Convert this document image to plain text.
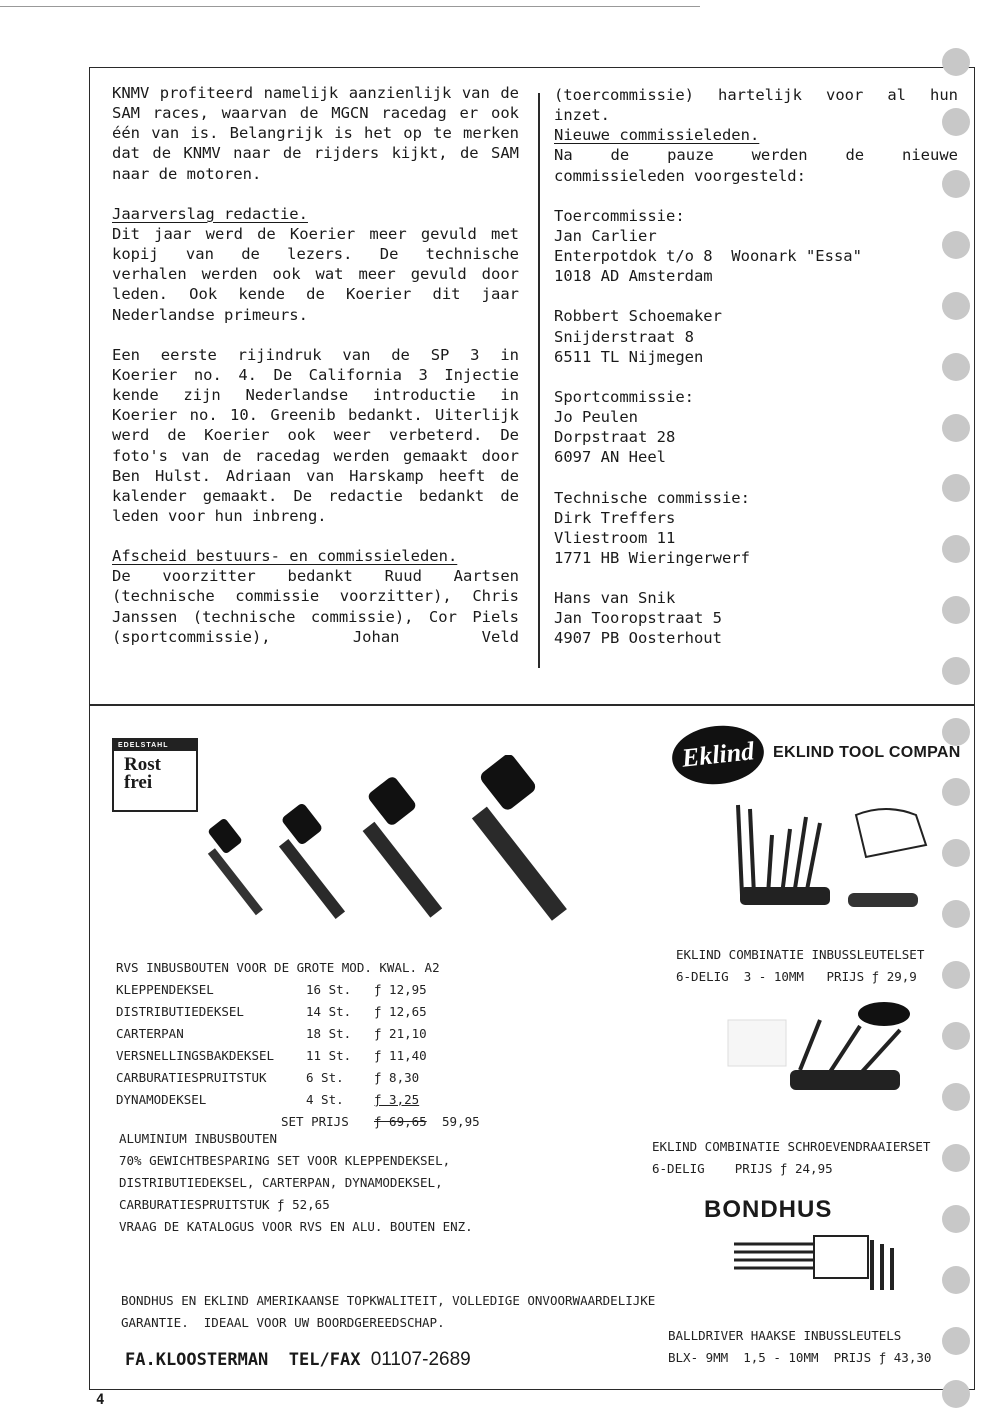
KNMV profiteerd namelijk aanzienlijk van de

SAM races, waarvan de MGCN racedag er ook

één van is. Belangrijk is het op te merken

dat de KNMV naar de rijders kijkt, de SAM

naar de motoren.

Jaarverslag redactie.

Dit jaar werd de Koerier meer gevuld met

kopij van de lezers. De technische

verhalen werden ook wat meer gevuld door

leden. Ook kende de Koerier dit jaar

Nederlandse primeurs.

Een eerste rijindruk van de SP 3 in

Koerier no. 4. De California 3 Injectie

kende zijn Nederlandse introductie in

Koerier no. 10. Greenib bedankt. Uiterlijk

werd de Koerier ook weer verbeterd. De

foto's van de racedag werden gemaakt door

Ben Hulst. Adriaan van Harskamp heeft de

kalender gemaakt. De redactie bedankt de

leden voor hun inbreng.

Afscheid bestuurs- en commissieleden.

De voorzitter bedankt Ruud Aartsen

(technische commissie voorzitter), Chris

Janssen (technische commissie), Cor Piels

(sportcommissie), Johan Veld

(toercommissie) hartelijk voor al hun

inzet.

Nieuwe commissieleden.

Na de pauze werden de nieuwe

commissieleden voorgesteld:

Toercommissie:

Jan Carlier

Enterpotdok t/o 8  Woonark "Essa"

1018 AD Amsterdam

Robbert Schoemaker

Snijderstraat 8

6511 TL Nijmegen

Sportcommissie:

Jo Peulen

Dorpstraat 28

6097 AN Heel

Technische commissie:

Dirk Treffers

Vliestroom 11

1771 HB Wieringerwerf

Hans van Snik

Jan Tooropstraat 5

4907 PB Oosterhout

EDELSTAHL
Rost
frei
RVS INBUSBOUTEN VOOR DE GROTE MOD. KWAL. A2
KLEPPENDEKSEL	16 St. ƒ 12,95
DISTRIBUTIEDEKSEL	14 St. ƒ 12,65
CARTERPAN	18 St. ƒ 21,10
VERSNELLINGSBAKDEKSEL	11 St. ƒ 11,40
CARBURATIESPRUITSTUK	6 St. ƒ 8,30
DYNAMODEKSEL	4 St. ƒ 3,25
SET PRIJS ƒ 69,65 59,95
ALUMINIUM INBUSBOUTEN
70% GEWICHTBESPARING SET VOOR KLEPPENDEKSEL,
DISTRIBUTIEDEKSEL, CARTERPAN, DYNAMODEKSEL,
CARBURATIESPRUITSTUK ƒ 52,65
VRAAG DE KATALOGUS VOOR RVS EN ALU. BOUTEN ENZ.
Eklind	EKLIND TOOL COMPAN
EKLIND COMBINATIE INBUSSLEUTELSET
6-DELIG  3 - 10MM   PRIJS ƒ 29,9
EKLIND COMBINATIE SCHROEVENDRAAIERSET
6-DELIG    PRIJS ƒ 24,95
BONDHUS
BONDHUS EN EKLIND AMERIKAANSE TOPKWALITEIT, VOLLEDIGE ONVOORWAARDELIJKE
GARANTIE.  IDEAAL VOOR UW BOORDGEREEDSCHAP.
BALLDRIVER HAAKSE INBUSSLEUTELS
BLX- 9MM  1,5 - 10MM  PRIJS ƒ 43,30
FA.KLOOSTERMAN TEL/FAX 01107-2689
4
